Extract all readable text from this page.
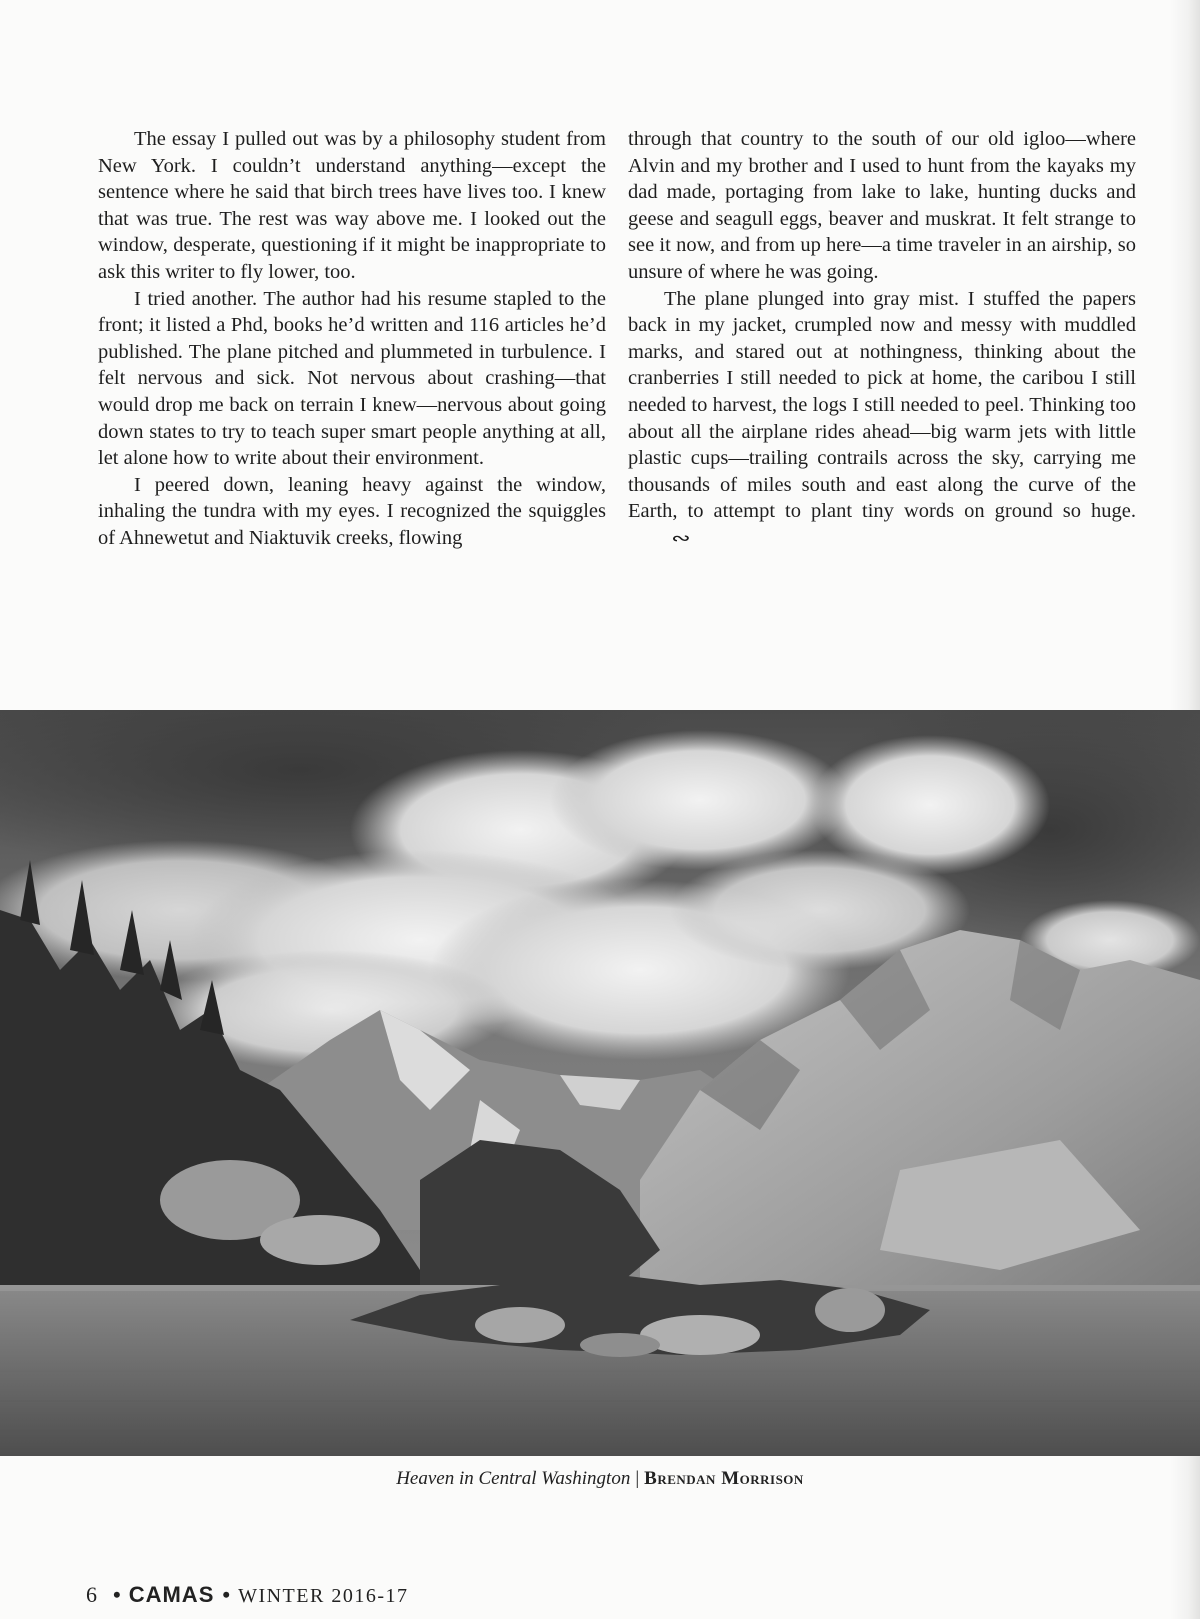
The essay I pulled out was by a philosophy student from New York. I couldn’t understand anything—except the sentence where he said that birch trees have lives too. I knew that was true. The rest was way above me. I looked out the window, desperate, questioning if it might be inappropriate to ask this writer to fly lower, too.

I tried another. The author had his resume stapled to the front; it listed a Phd, books he’d written and 116 articles he’d published. The plane pitched and plummeted in turbulence. I felt nervous and sick. Not nervous about crashing—that would drop me back on terrain I knew—nervous about going down states to try to teach super smart people anything at all, let alone how to write about their environment.

I peered down, leaning heavy against the window, inhaling the tundra with my eyes. I recognized the squiggles of Ahnewetut and Niaktuvik creeks, flowing

through that country to the south of our old igloo—where Alvin and my brother and I used to hunt from the kayaks my dad made, portaging from lake to lake, hunting ducks and geese and seagull eggs, beaver and muskrat. It felt strange to see it now, and from up here—a time traveler in an airship, so unsure of where he was going.

The plane plunged into gray mist. I stuffed the papers back in my jacket, crumpled now and messy with muddled marks, and stared out at nothingness, thinking about the cranberries I still needed to pick at home, the caribou I still needed to harvest, the logs I still needed to peel. Thinking too about all the airplane rides ahead—big warm jets with little plastic cups—trailing contrails across the sky, carrying me thousands of miles south and east along the curve of the Earth, to attempt to plant tiny words on ground so huge.∾

Heaven in Central Washington | Brendan Morrison
6 • CAMAS • WINTER 2016-17
